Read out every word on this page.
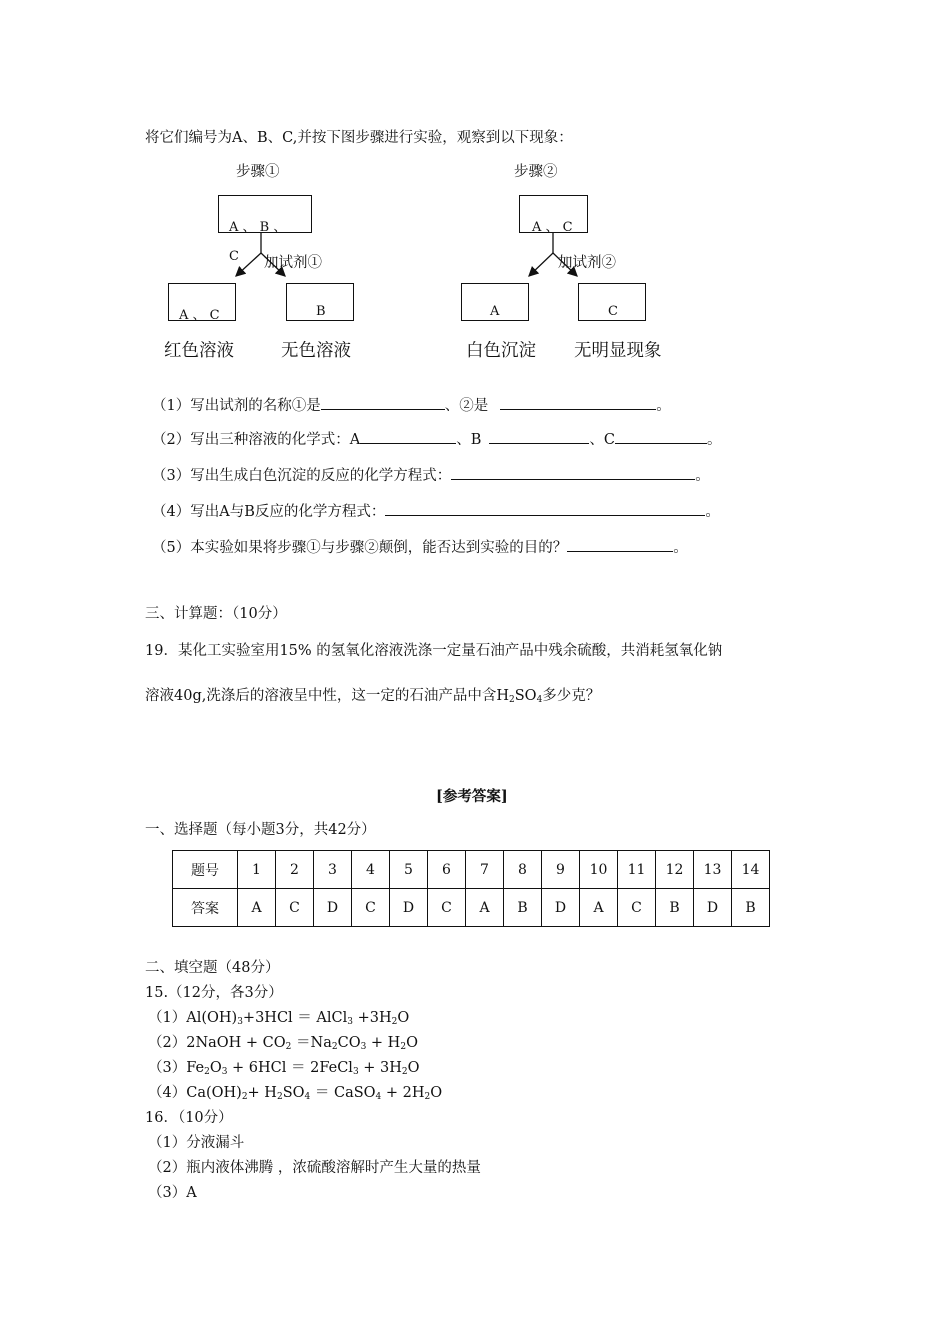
将它们编号为A、B、C,并按下图步骤进行实验，观察到以下现象：
步骤①
A 、 B 、
C 加试剂①
A 、 C	B
红色溶液	无色溶液
步骤②
A 、 C
加试剂②
A	C
白色沉淀 无明显现象
（1）写出试剂的名称①是	、②是	。
（2）写出三种溶液的化学式：A	、B	、C	。
（3）写出生成白色沉淀的反应的化学方程式：	。
（4）写出A与B反应的化学方程式：	。
（5）本实验如果将步骤①与步骤②颠倒，能否达到实验的目的？	。
三、计算题：（10分）
19．某化工实验室用15% 的氢氧化溶液洗涤一定量石油产品中残余硫酸，共消耗氢氧化钠
溶液40g,洗涤后的溶液呈中性，这一定的石油产品中含$H_2SO_4$多少克？
[参考答案]
一、选择题（每小题3分，共42分）
题号	1	2	3	4	5	6	7	8	9	10	11	12	13	14
答案	A	C	D	C	D	C	A	B	D	A	C	B	D	B
二、填空题（48分）
15.（12分，各3分）
$(1)Al(OH)_3+3HCl$ ＝ AlCl$_3$ $+3H_2O$
（2）2NaOH + $CO_2 =Na_2CO_3 + H_2O$
$(3)Fe_2O_3 + 6HCl$ ＝ 2FeCl$_3$ + $3H_2O$
$(4)Ca(OH)_2+ H_2SO_4$ ＝ CaSO$_4$ + $2H_2O$
16．（10分）
（1）分液漏斗
（2）瓶内液体沸腾 ，浓硫酸溶解时产生大量的热量
（3）A
